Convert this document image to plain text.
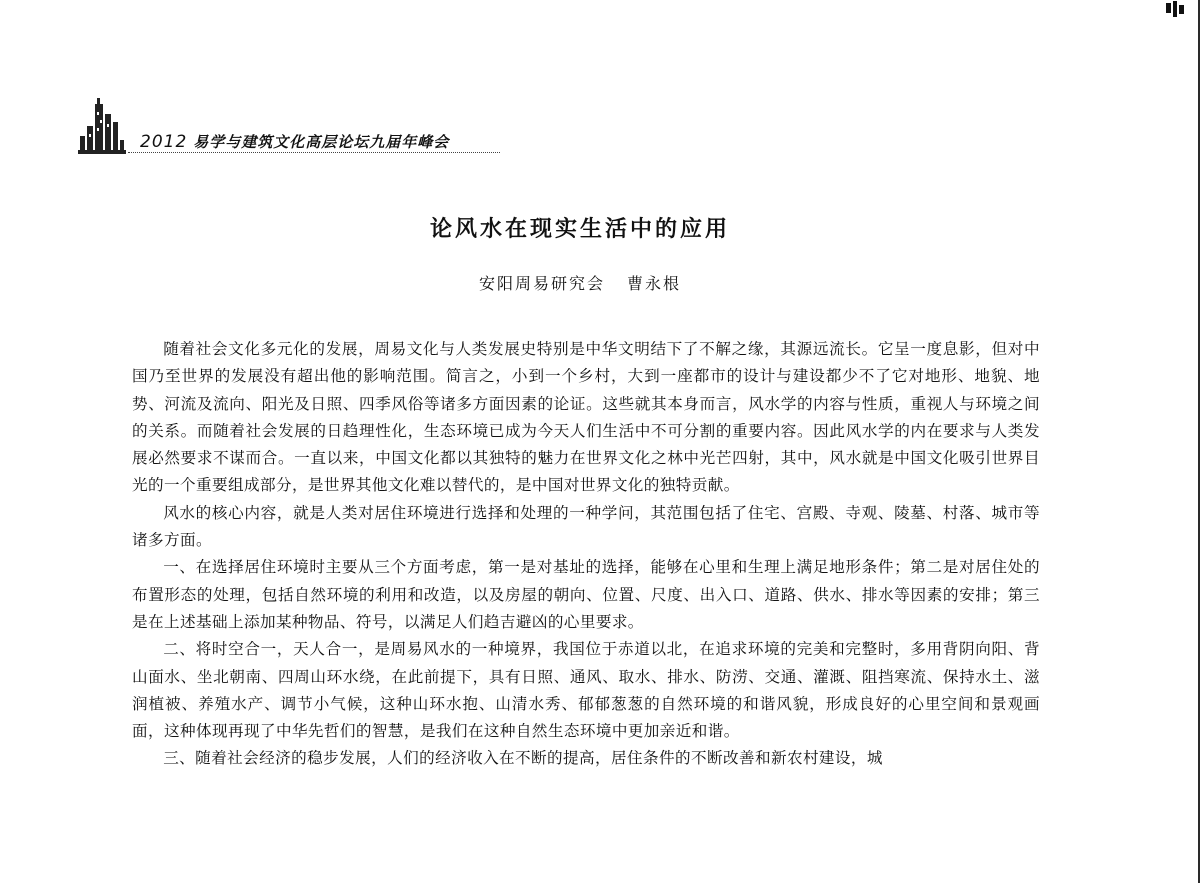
2012 易学与建筑文化高层论坛九届年峰会
论风水在现实生活中的应用
安阳周易研究会 曹永根

随着社会文化多元化的发展，周易文化与人类发展史特别是中华文明结下了不解之缘，其源远流长。它呈一度息影，但对中国乃至世界的发展没有超出他的影响范围。简言之，小到一个乡村，大到一座都市的设计与建设都少不了它对地形、地貌、地势、河流及流向、阳光及日照、四季风俗等诸多方面因素的论证。这些就其本身而言，风水学的内容与性质，重视人与环境之间的关系。而随着社会发展的日趋理性化，生态环境已成为今天人们生活中不可分割的重要内容。因此风水学的内在要求与人类发展必然要求不谋而合。一直以来，中国文化都以其独特的魅力在世界文化之林中光芒四射，其中，风水就是中国文化吸引世界目光的一个重要组成部分，是世界其他文化难以替代的，是中国对世界文化的独特贡献。

风水的核心内容，就是人类对居住环境进行选择和处理的一种学问，其范围包括了住宅、宫殿、寺观、陵墓、村落、城市等诸多方面。

一、在选择居住环境时主要从三个方面考虑，第一是对基址的选择，能够在心里和生理上满足地形条件；第二是对居住处的布置形态的处理，包括自然环境的利用和改造，以及房屋的朝向、位置、尺度、出入口、道路、供水、排水等因素的安排；第三是在上述基础上添加某种物品、符号，以满足人们趋吉避凶的心里要求。

二、将时空合一，天人合一，是周易风水的一种境界，我国位于赤道以北，在追求环境的完美和完整时，多用背阴向阳、背山面水、坐北朝南、四周山环水绕，在此前提下，具有日照、通风、取水、排水、防涝、交通、灌溉、阻挡寒流、保持水土、滋润植被、养殖水产、调节小气候，这种山环水抱、山清水秀、郁郁葱葱的自然环境的和谐风貌，形成良好的心里空间和景观画面，这种体现再现了中华先哲们的智慧，是我们在这种自然生态环境中更加亲近和谐。

三、随着社会经济的稳步发展，人们的经济收入在不断的提高，居住条件的不断改善和新农村建设，城
